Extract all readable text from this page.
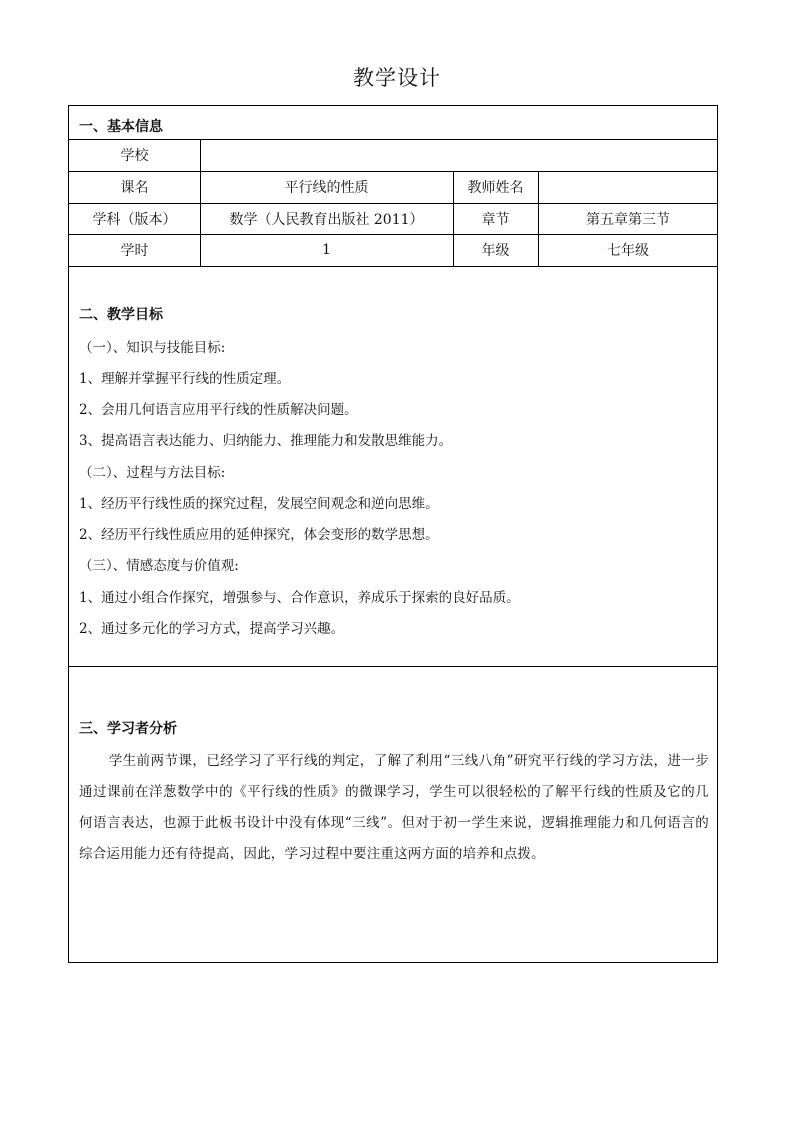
教学设计
一、基本信息
学校
课名	平行线的性质	教师姓名
学科（版本）	数学（人民教育出版社 2011）	章节	第五章第三节
学时	1	年级	七年级
二、教学目标
（一）、知识与技能目标:
1、理解并掌握平行线的性质定理。
2、会用几何语言应用平行线的性质解决问题。
3、提高语言表达能力、归纳能力、推理能力和发散思维能力。
（二）、过程与方法目标:
1、经历平行线性质的探究过程，发展空间观念和逆向思维。
2、经历平行线性质应用的延伸探究，体会变形的数学思想。
（三）、情感态度与价值观:
1、通过小组合作探究，增强参与、合作意识，养成乐于探索的良好品质。
2、通过多元化的学习方式，提高学习兴趣。
三、学习者分析
学生前两节课，已经学习了平行线的判定，了解了利用“三线八角”研究平行线的学习方法，进一步通过课前在洋葱数学中的《平行线的性质》的微课学习，学生可以很轻松的了解平行线的性质及它的几何语言表达，也源于此板书设计中没有体现“三线”。但对于初一学生来说，逻辑推理能力和几何语言的综合运用能力还有待提高，因此，学习过程中要注重这两方面的培养和点拨。
